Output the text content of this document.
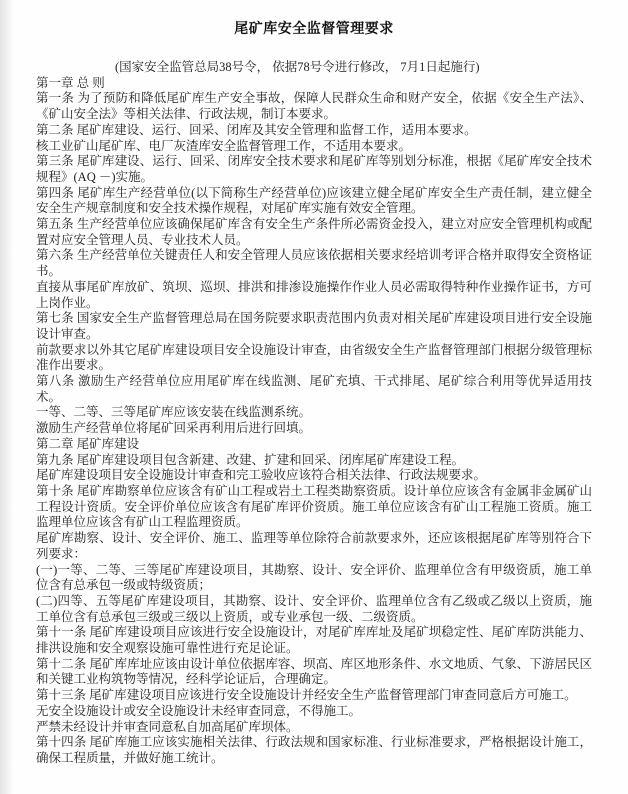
尾矿库安全监督管理要求

(国家安全监管总局38号令， 依据78号令进行修改， 7月1日起施行)

第一章 总 则

第一条 为了预防和降低尾矿库生产安全事故，保障人民群众生命和财产安全，依据《安全生产法》、《矿山安全法》等相关法律、行政法规，制订本要求。

第二条 尾矿库建设、运行、回采、闭库及其安全管理和监督工作，适用本要求。

核工业矿山尾矿库、电厂灰渣库安全监督管理工作，不适用本要求。

第三条 尾矿库建设、运行、回采、闭库安全技术要求和尾矿库等别划分标准，根据《尾矿库安全技术规程》(AQ －)实施。

第四条 尾矿库生产经营单位(以下简称生产经营单位)应该建立健全尾矿库安全生产责任制，建立健全安全生产规章制度和安全技术操作规程，对尾矿库实施有效安全管理。

第五条 生产经营单位应该确保尾矿库含有安全生产条件所必需资金投入，建立对应安全管理机构或配置对应安全管理人员、专业技术人员。

第六条 生产经营单位关键责任人和安全管理人员应该依据相关要求经培训考评合格并取得安全资格证书。

直接从事尾矿库放矿、筑坝、巡坝、排洪和排渗设施操作作业人员必需取得特种作业操作证书，方可上岗作业。

第七条 国家安全生产监督管理总局在国务院要求职责范围内负责对相关尾矿库建设项目进行安全设施设计审查。

前款要求以外其它尾矿库建设项目安全设施设计审查，由省级安全生产监督管理部门根据分级管理标准作出要求。

第八条 激励生产经营单位应用尾矿库在线监测、尾矿充填、干式排尾、尾矿综合利用等优异适用技术。

一等、二等、三等尾矿库应该安装在线监测系统。

激励生产经营单位将尾矿回采再利用后进行回填。

第二章 尾矿库建设

第九条 尾矿库建设项目包含新建、改建、扩建和回采、闭库尾矿库建设工程。

尾矿库建设项目安全设施设计审查和完工验收应该符合相关法律、行政法规要求。

第十条 尾矿库勘察单位应该含有矿山工程或岩土工程类勘察资质。设计单位应该含有金属非金属矿山工程设计资质。安全评价单位应该含有尾矿库评价资质。施工单位应该含有矿山工程施工资质。施工监理单位应该含有矿山工程监理资质。

尾矿库勘察、设计、安全评价、施工、监理等单位除符合前款要求外，还应该根据尾矿库等别符合下列要求：

(一)一等、二等、三等尾矿库建设项目，其勘察、设计、安全评价、监理单位含有甲级资质，施工单位含有总承包一级或特级资质；

(二)四等、五等尾矿库建设项目，其勘察、设计、安全评价、监理单位含有乙级或乙级以上资质，施工单位含有总承包三级或三级以上资质，或专业承包一级、二级资质。

第十一条 尾矿库建设项目应该进行安全设施设计，对尾矿库库址及尾矿坝稳定性、尾矿库防洪能力、排洪设施和安全观察设施可靠性进行充足论证。

第十二条 尾矿库库址应该由设计单位依据库容、坝高、库区地形条件、水文地质、气象、下游居民区和关键工业构筑物等情况，经科学论证后，合理确定。

第十三条 尾矿库建设项目应该进行安全设施设计并经安全生产监督管理部门审查同意后方可施工。

无安全设施设计或安全设施设计未经审查同意，不得施工。

严禁未经设计并审查同意私自加高尾矿库坝体。

第十四条 尾矿库施工应该实施相关法律、行政法规和国家标准、行业标准要求，严格根据设计施工，确保工程质量，并做好施工统计。
